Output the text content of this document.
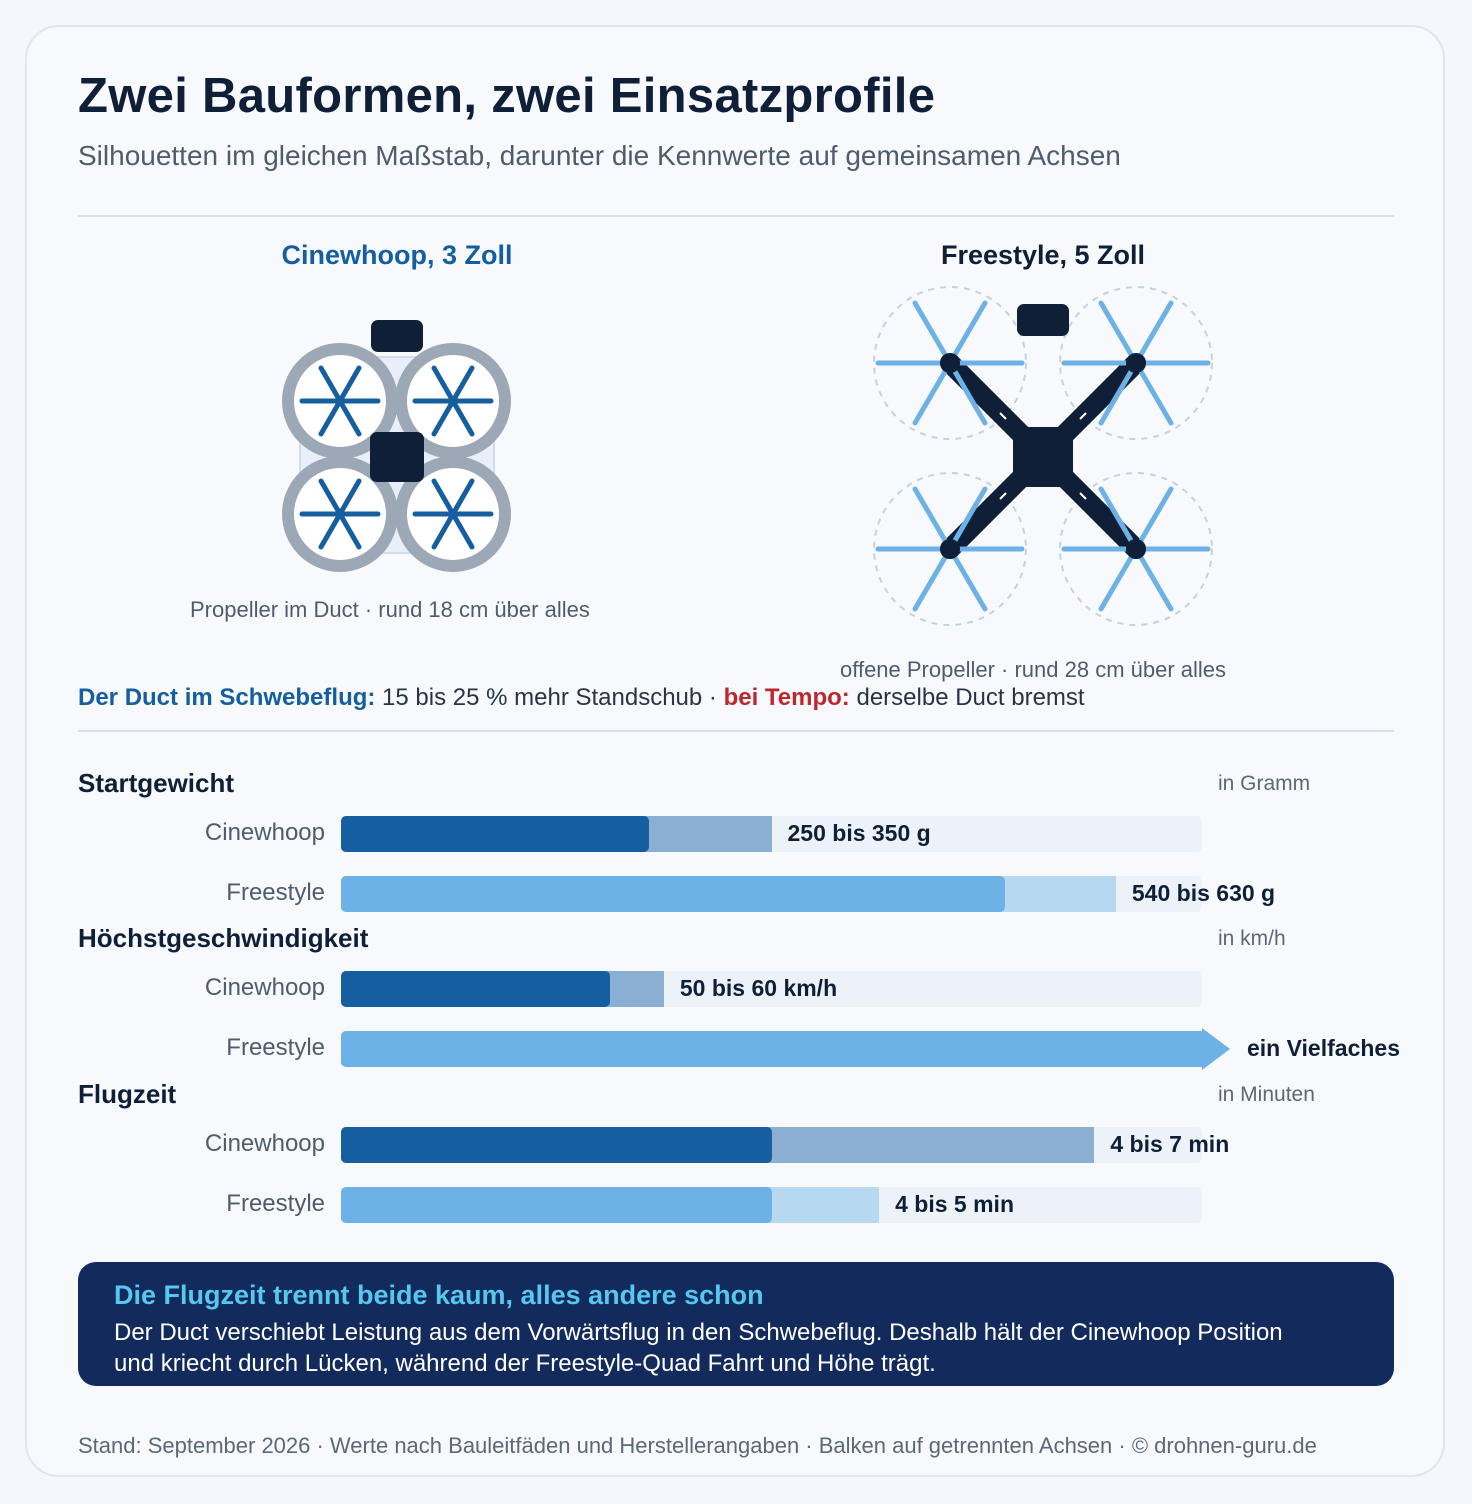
Zwei Bauformen, zwei Einsatzprofile
Silhouetten im gleichen Maßstab, darunter die Kennwerte auf gemeinsamen Achsen
Cinewhoop, 3 Zoll	Freestyle, 5 Zoll
Propeller im Duct · rund 18 cm über alles
offene Propeller · rund 28 cm über alles
Der Duct im Schwebeflug: 15 bis 25 % mehr Standschub · bei Tempo: derselbe Duct bremst
Startgewicht	in Gramm
Cinewhoop	250 bis 350 g
Freestyle	540 bis 630 g
Höchstgeschwindigkeit	in km/h
Cinewhoop	50 bis 60 km/h
Freestyle	ein Vielfaches
Flugzeit	in Minuten
Cinewhoop	4 bis 7 min
Freestyle	4 bis 5 min
Die Flugzeit trennt beide kaum, alles andere schon
Der Duct verschiebt Leistung aus dem Vorwärtsflug in den Schwebeflug. Deshalb hält der Cinewhoop Position und kriecht durch Lücken, während der Freestyle-Quad Fahrt und Höhe trägt.
Stand: September 2026 · Werte nach Bauleitfäden und Herstellerangaben · Balken auf getrennten Achsen · © drohnen-guru.de
